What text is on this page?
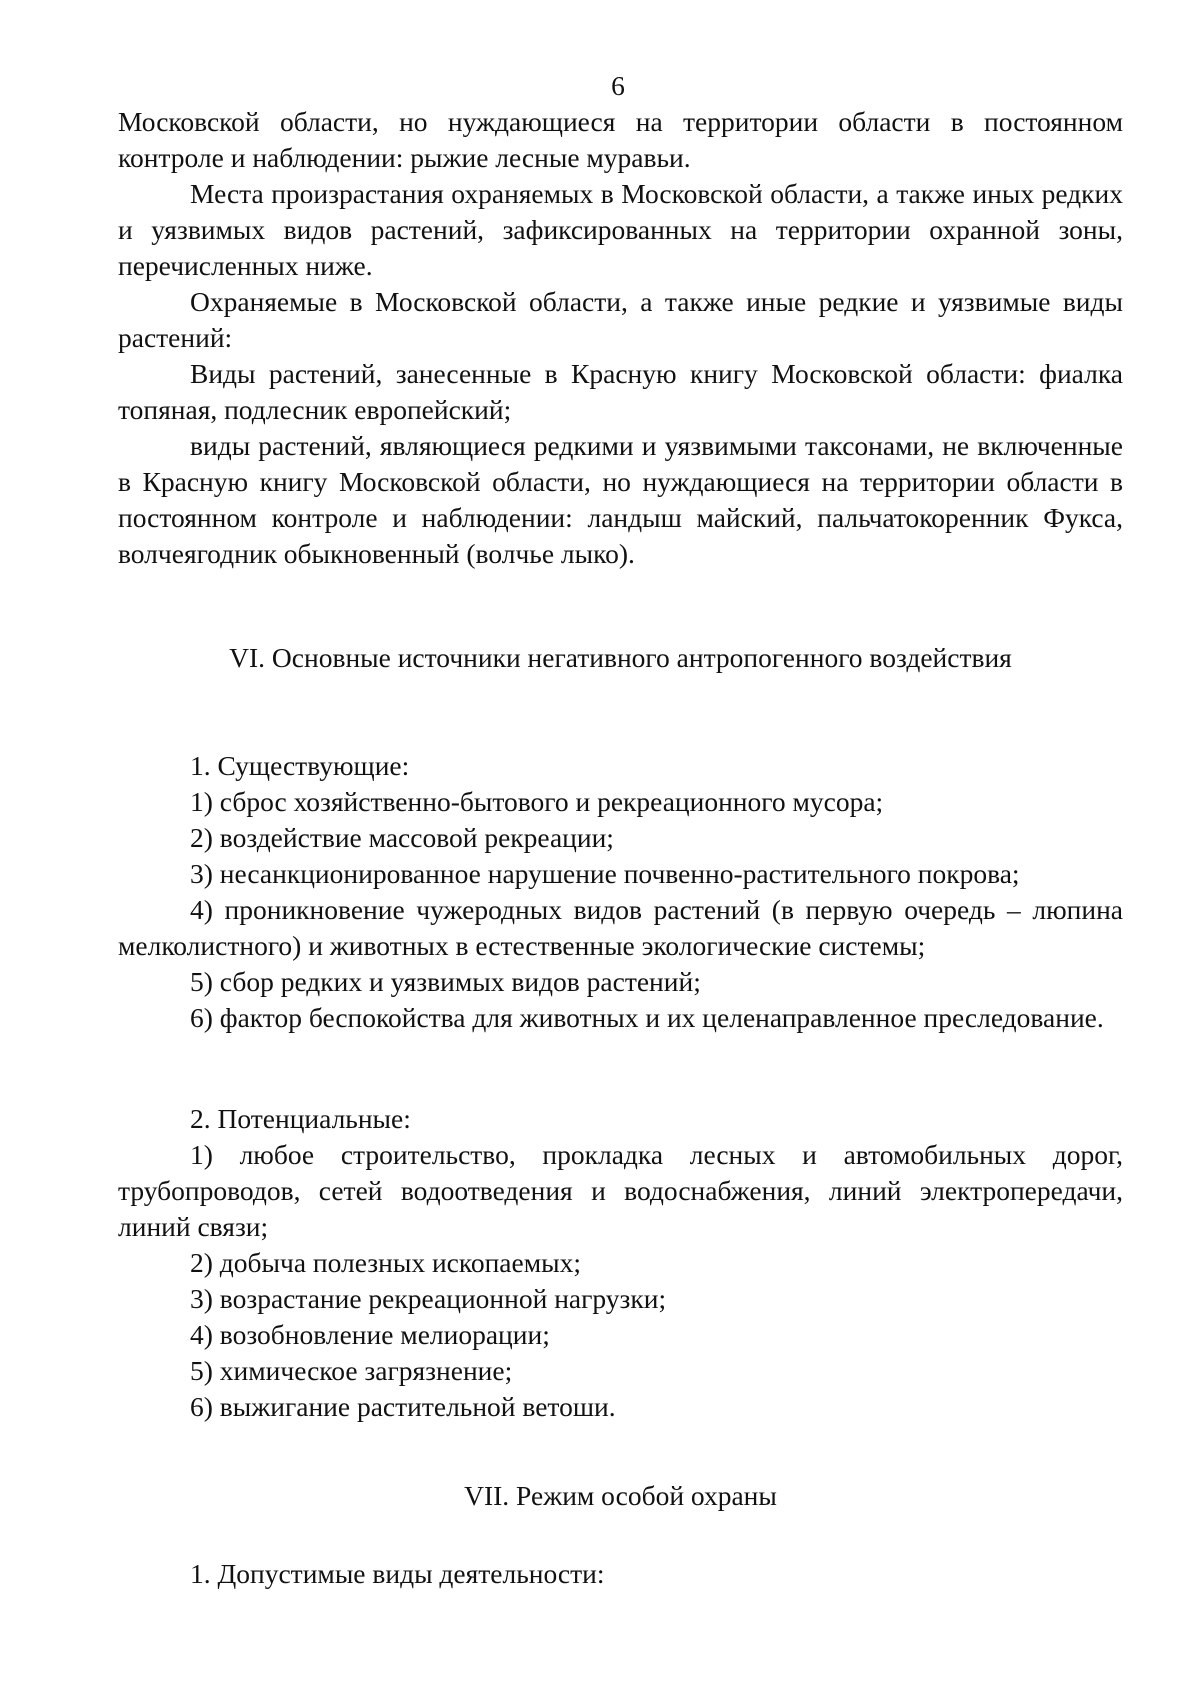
6

Московской области, но нуждающиеся на территории области в постоянном контроле и наблюдении: рыжие лесные муравьи.

Места произрастания охраняемых в Московской области, а также иных редких и уязвимых видов растений, зафиксированных на территории охранной зоны, перечисленных ниже.

Охраняемые в Московской области, а также иные редкие и уязвимые виды растений:

Виды растений, занесенные в Красную книгу Московской области: фиалка топяная, подлесник европейский;

виды растений, являющиеся редкими и уязвимыми таксонами, не включенные в Красную книгу Московской области, но нуждающиеся на территории области в постоянном контроле и наблюдении: ландыш майский, пальчатокоренник Фукса, волчеягодник обыкновенный (волчье лыко).

VI. Основные источники негативного антропогенного воздействия

1. Существующие:

1) сброс хозяйственно-бытового и рекреационного мусора;

2) воздействие массовой рекреации;

3) несанкционированное нарушение почвенно-растительного покрова;

4) проникновение чужеродных видов растений (в первую очередь – люпина мелколистного) и животных в естественные экологические системы;

5) сбор редких и уязвимых видов растений;

6) фактор беспокойства для животных и их целенаправленное преследование.

2. Потенциальные:

1) любое строительство, прокладка лесных и автомобильных дорог, трубопроводов, сетей водоотведения и водоснабжения, линий электропередачи, линий связи;

2) добыча полезных ископаемых;

3) возрастание рекреационной нагрузки;

4) возобновление мелиорации;

5) химическое загрязнение;

6) выжигание растительной ветоши.

VII. Режим особой охраны

1. Допустимые виды деятельности:
